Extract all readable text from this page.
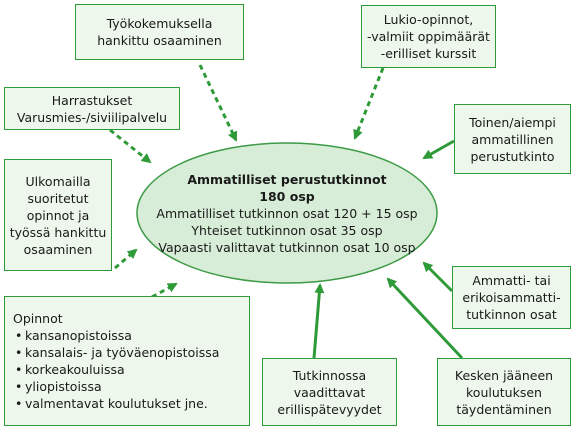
Ammatilliset perustutkinnot
180 osp
Ammatilliset tutkinnon osat 120 + 15 osp
Yhteiset tutkinnon osat 35 osp
Vapaasti valittavat tutkinnon osat 10 osp
Työkokemuksella
hankittu osaaminen
Harrastukset
Varusmies-/siviilipalvelu
Ulkomailla
suoritetut
opinnot ja
työssä hankittu
osaaminen
Opinnot
• kansanopistoissa
• kansalais- ja työväenopistoissa
• korkeakouluissa
• yliopistoissa
• valmentavat koulutukset jne.
Lukio-opinnot,
-valmiit oppimäärät
-erilliset kurssit
Toinen/aiempi
ammatillinen
perustutkinto
Ammatti- tai
erikoisammatti-
tutkinnon osat
Tutkinnossa
vaadittavat
erillispätevyydet
Kesken jääneen
koulutuksen
täydentäminen
